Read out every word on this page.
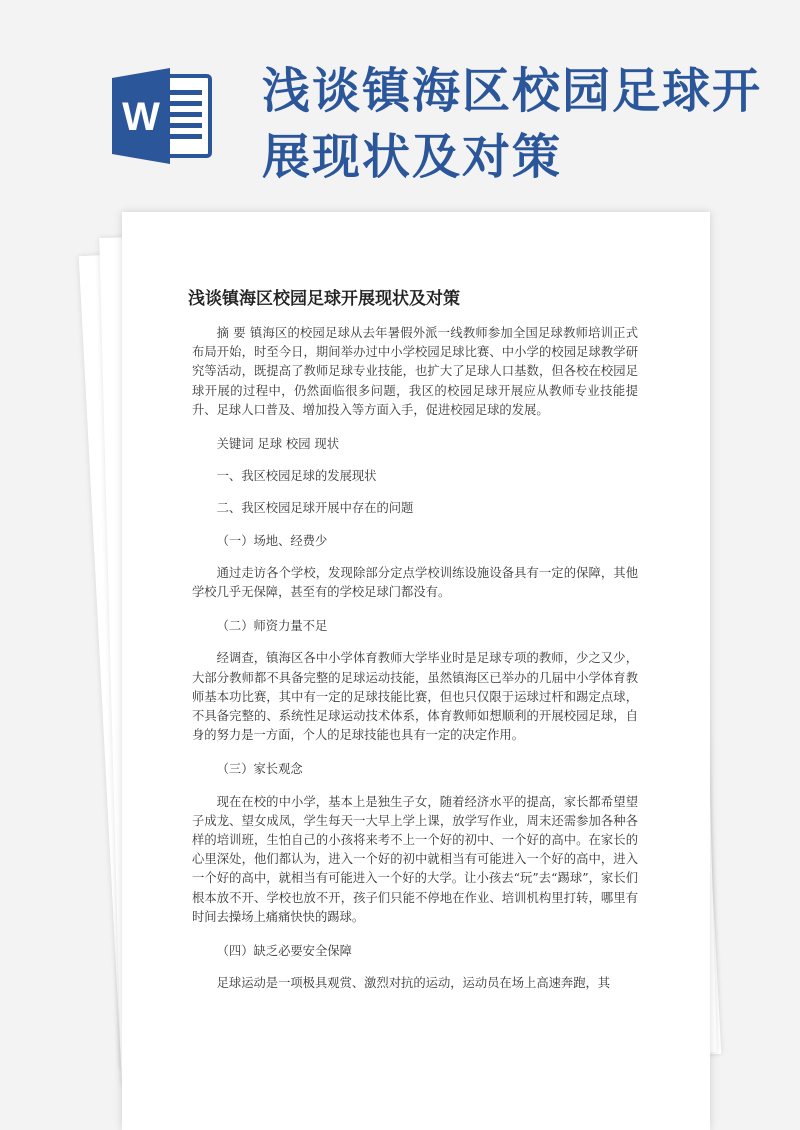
W 浅谈镇海区校园足球开展现状及对策
浅谈镇海区校园足球开展现状及对策

摘 要 镇海区的校园足球从去年暑假外派一线教师参加全国足球教师培训正式布局开始，时至今日，期间举办过中小学校园足球比赛、中小学的校园足球教学研究等活动，既提高了教师足球专业技能，也扩大了足球人口基数，但各校在校园足球开展的过程中，仍然面临很多问题，我区的校园足球开展应从教师专业技能提升、足球人口普及、增加投入等方面入手，促进校园足球的发展。

关键词 足球 校园 现状

一、我区校园足球的发展现状

二、我区校园足球开展中存在的问题

（一）场地、经费少

通过走访各个学校，发现除部分定点学校训练设施设备具有一定的保障，其他学校几乎无保障，甚至有的学校足球门都没有。

（二）师资力量不足

经调查，镇海区各中小学体育教师大学毕业时是足球专项的教师，少之又少，大部分教师都不具备完整的足球运动技能，虽然镇海区已举办的几届中小学体育教师基本功比赛，其中有一定的足球技能比赛，但也只仅限于运球过杆和踢定点球，不具备完整的、系统性足球运动技术体系，体育教师如想顺利的开展校园足球，自身的努力是一方面，个人的足球技能也具有一定的决定作用。

（三）家长观念

现在在校的中小学，基本上是独生子女，随着经济水平的提高，家长都希望望子成龙、望女成凤，学生每天一大早上学上课，放学写作业，周末还需参加各种各样的培训班，生怕自己的小孩将来考不上一个好的初中、一个好的高中。在家长的心里深处，他们都认为，进入一个好的初中就相当有可能进入一个好的高中，进入一个好的高中，就相当有可能进入一个好的大学。让小孩去“玩”去“踢球”，家长们根本放不开、学校也放不开，孩子们只能不停地在作业、培训机构里打转，哪里有时间去操场上痛痛快快的踢球。

（四）缺乏必要安全保障

足球运动是一项极具观赏、激烈对抗的运动，运动员在场上高速奔跑，其
